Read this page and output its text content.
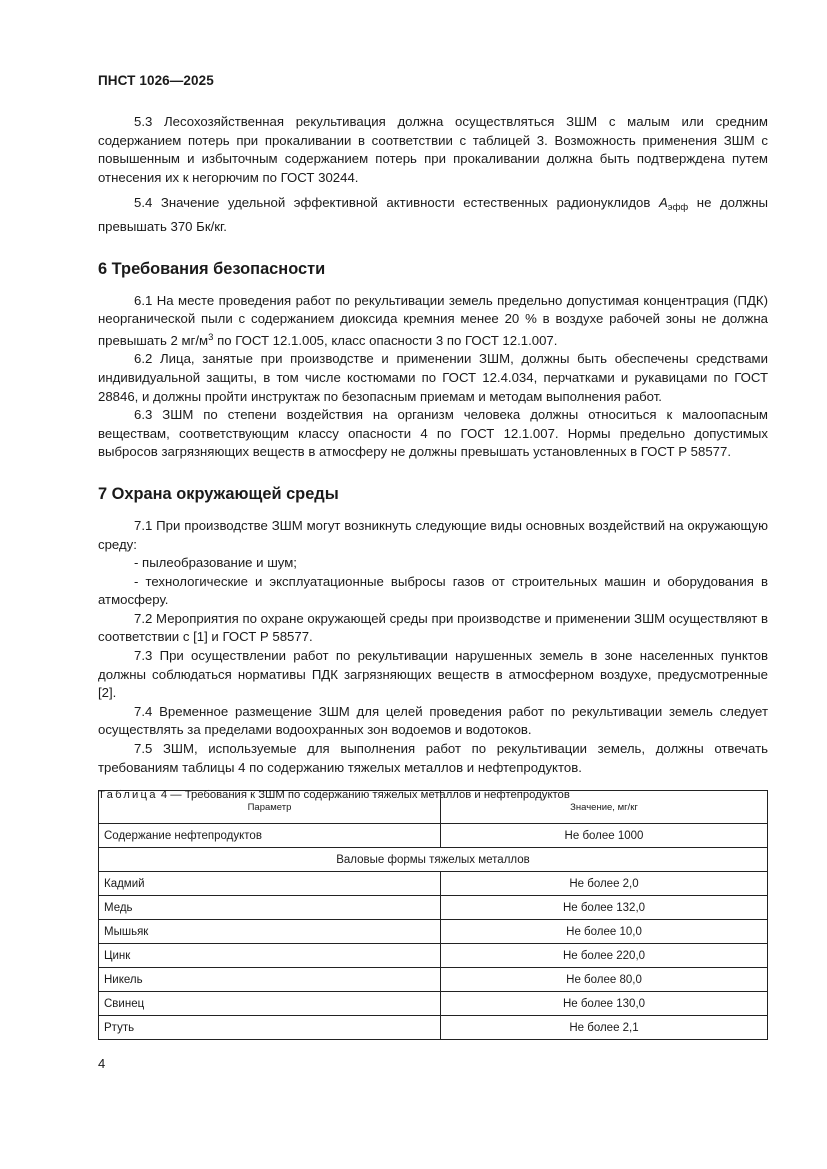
ПНСТ 1026—2025

5.3 Лесохозяйственная рекультивация должна осуществляться ЗШМ с малым или средним содержанием потерь при прокаливании в соответствии с таблицей 3. Возможность применения ЗШМ с повышенным и избыточным содержанием потерь при прокаливании должна быть подтверждена путем отнесения их к негорючим по ГОСТ 30244.

5.4 Значение удельной эффективной активности естественных радионуклидов $A_{эфф}$ не должны превышать 370 Бк/кг.

6 Требования безопасности

6.1 На месте проведения работ по рекультивации земель предельно допустимая концентрация (ПДК) неорганической пыли с содержанием диоксида кремния менее 20 % в воздухе рабочей зоны не должна превышать 2 $мг/м^3$ по ГОСТ 12.1.005, класс опасности 3 по ГОСТ 12.1.007.

6.2 Лица, занятые при производстве и применении ЗШМ, должны быть обеспечены средствами индивидуальной защиты, в том числе костюмами по ГОСТ 12.4.034, перчатками и рукавицами по ГОСТ 28846, и должны пройти инструктаж по безопасным приемам и методам выполнения работ.

6.3 ЗШМ по степени воздействия на организм человека должны относиться к малоопасным веществам, соответствующим классу опасности 4 по ГОСТ 12.1.007. Нормы предельно допустимых выбросов загрязняющих веществ в атмосферу не должны превышать установленных в ГОСТ Р 58577.

7 Охрана окружающей среды

7.1 При производстве ЗШМ могут возникнуть следующие виды основных воздействий на окружающую среду:

- пылеобразование и шум;

- технологические и эксплуатационные выбросы газов от строительных машин и оборудования в атмосферу.

7.2 Мероприятия по охране окружающей среды при производстве и применении ЗШМ осуществляют в соответствии с [1] и ГОСТ Р 58577.

7.3 При осуществлении работ по рекультивации нарушенных земель в зоне населенных пунктов должны соблюдаться нормативы ПДК загрязняющих веществ в атмосферном воздухе, предусмотренные [2].

7.4 Временное размещение ЗШМ для целей проведения работ по рекультивации земель следует осуществлять за пределами водоохранных зон водоемов и водотоков.

7.5 ЗШМ, используемые для выполнения работ по рекультивации земель, должны отвечать требованиям таблицы 4 по содержанию тяжелых металлов и нефтепродуктов.

Таблица 4 — Требования к ЗШМ по содержанию тяжелых металлов и нефтепродуктов
Параметр	Значение, мг/кг
Содержание нефтепродуктов	Не более 1000
Валовые формы тяжелых металлов	
Кадмий	Не более 2,0
Медь	Не более 132,0
Мышьяк	Не более 10,0
Цинк	Не более 220,0
Никель	Не более 80,0
Свинец	Не более 130,0
Ртуть	Не более 2,1
4
